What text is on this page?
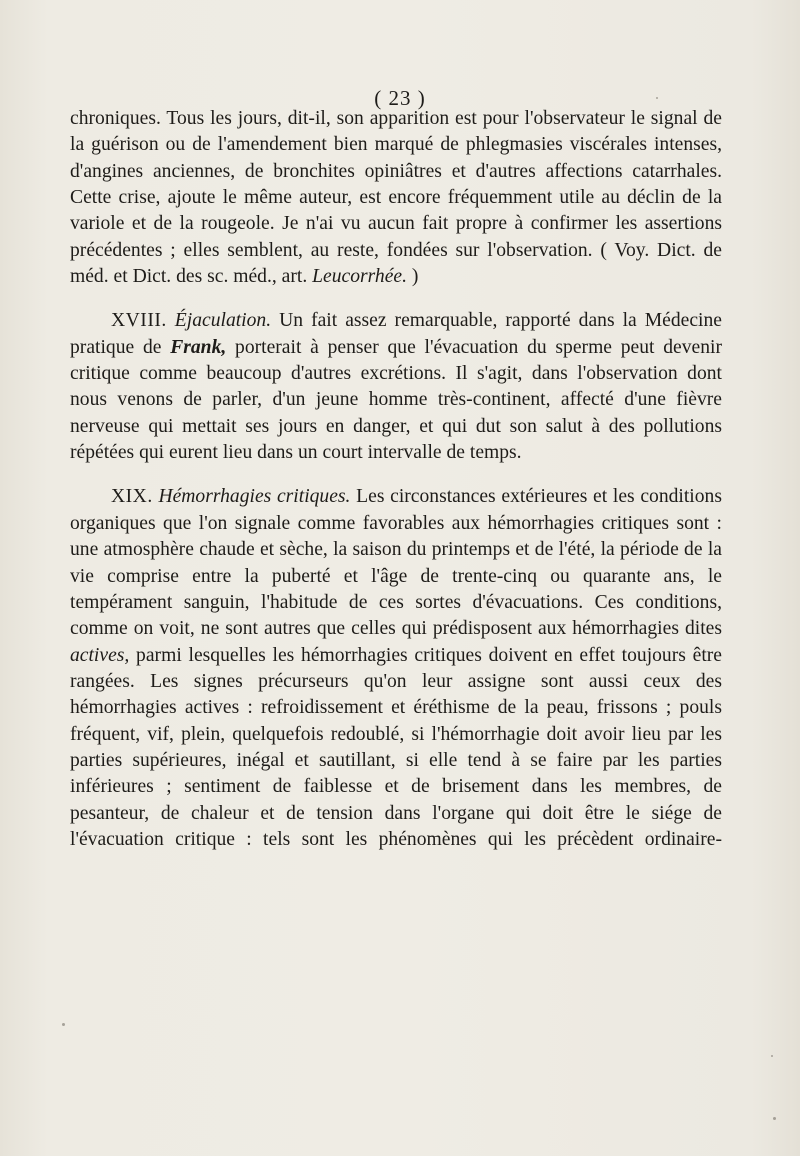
( 23 )

chroniques. Tous les jours, dit-il, son apparition est pour l'observateur le signal de la guérison ou de l'amendement bien marqué de phlegmasies viscérales intenses, d'angines anciennes, de bronchites opiniâtres et d'autres affections catarrhales. Cette crise, ajoute le même auteur, est encore fréquemment utile au déclin de la variole et de la rougeole. Je n'ai vu aucun fait propre à confirmer les assertions précédentes ; elles semblent, au reste, fondées sur l'observation. ( Voy. Dict. de méd. et Dict. des sc. méd., art. Leucorrhée. )

XVIII. Éjaculation. Un fait assez remarquable, rapporté dans la Médecine pratique de Frank, porterait à penser que l'évacuation du sperme peut devenir critique comme beaucoup d'autres excrétions. Il s'agit, dans l'observation dont nous venons de parler, d'un jeune homme très-continent, affecté d'une fièvre nerveuse qui mettait ses jours en danger, et qui dut son salut à des pollutions répétées qui eurent lieu dans un court intervalle de temps.

XIX. Hémorrhagies critiques. Les circonstances extérieures et les conditions organiques que l'on signale comme favorables aux hémorrhagies critiques sont : une atmosphère chaude et sèche, la saison du printemps et de l'été, la période de la vie comprise entre la puberté et l'âge de trente-cinq ou quarante ans, le tempérament sanguin, l'habitude de ces sortes d'évacuations. Ces conditions, comme on voit, ne sont autres que celles qui prédisposent aux hémorrhagies dites actives, parmi lesquelles les hémorrhagies critiques doivent en effet toujours être rangées. Les signes précurseurs qu'on leur assigne sont aussi ceux des hémorrhagies actives : refroidissement et éréthisme de la peau, frissons ; pouls fréquent, vif, plein, quelquefois redoublé, si l'hémorrhagie doit avoir lieu par les parties supérieures, inégal et sautillant, si elle tend à se faire par les parties inférieures ; sentiment de faiblesse et de brisement dans les membres, de pesanteur, de chaleur et de tension dans l'organe qui doit être le siége de l'évacuation critique : tels sont les phénomènes qui les précèdent ordinaire-
